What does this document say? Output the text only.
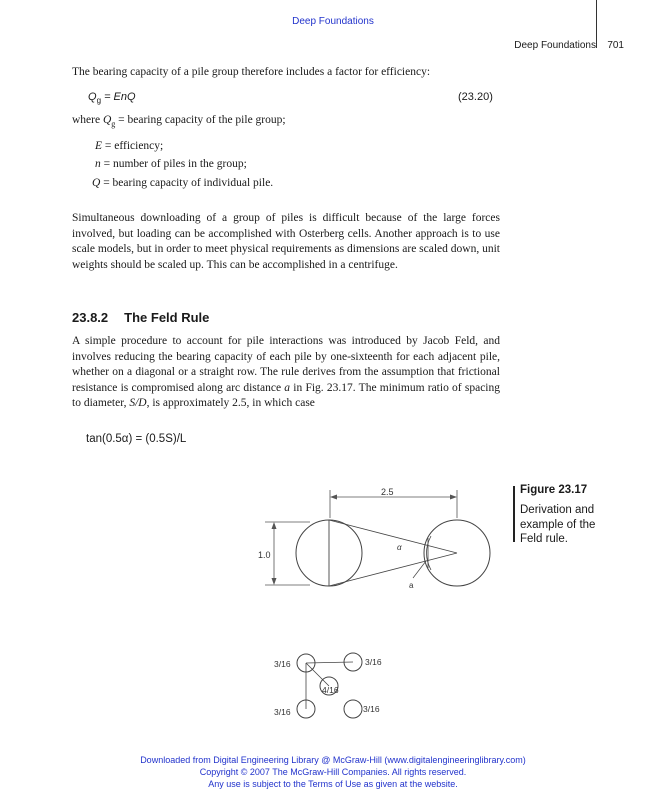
Deep Foundations
Deep Foundations 701

The bearing capacity of a pile group therefore includes a factor for efficiency:

$Q_g$ = EnQ	(23.20)
where $Q_g$ = bearing capacity of the pile group;
E = efficiency;
n = number of piles in the group;
Q = bearing capacity of individual pile.

Simultaneous downloading of a group of piles is difficult because of the large forces involved, but loading can be accomplished with Osterberg cells. Another approach is to use scale models, but in order to meet physical requirements as dimensions are scaled down, unit weights should be scaled up. This can be accomplished in a centrifuge.

23.8.2 The Feld Rule

A simple procedure to account for pile interactions was introduced by Jacob Feld, and involves reducing the bearing capacity of each pile by one-sixteenth for each adjacent pile, whether on a diagonal or a straight row. The rule derives from the assumption that frictional resistance is compromised along arc distance a in Fig. 23.17. The minimum ratio of spacing to diameter, S/D, is approximately 2.5, in which case

tan(0.5α) = (0.5S)/L
2.5
1.0
α
a
3/16	3/16
4/16
3/16	3/16
Figure 23.17
Derivation and example of the Feld rule.
Downloaded from Digital Engineering Library @ McGraw-Hill (www.digitalengineeringlibrary.com)
Copyright © 2007 The McGraw-Hill Companies. All rights reserved.
Any use is subject to the Terms of Use as given at the website.
